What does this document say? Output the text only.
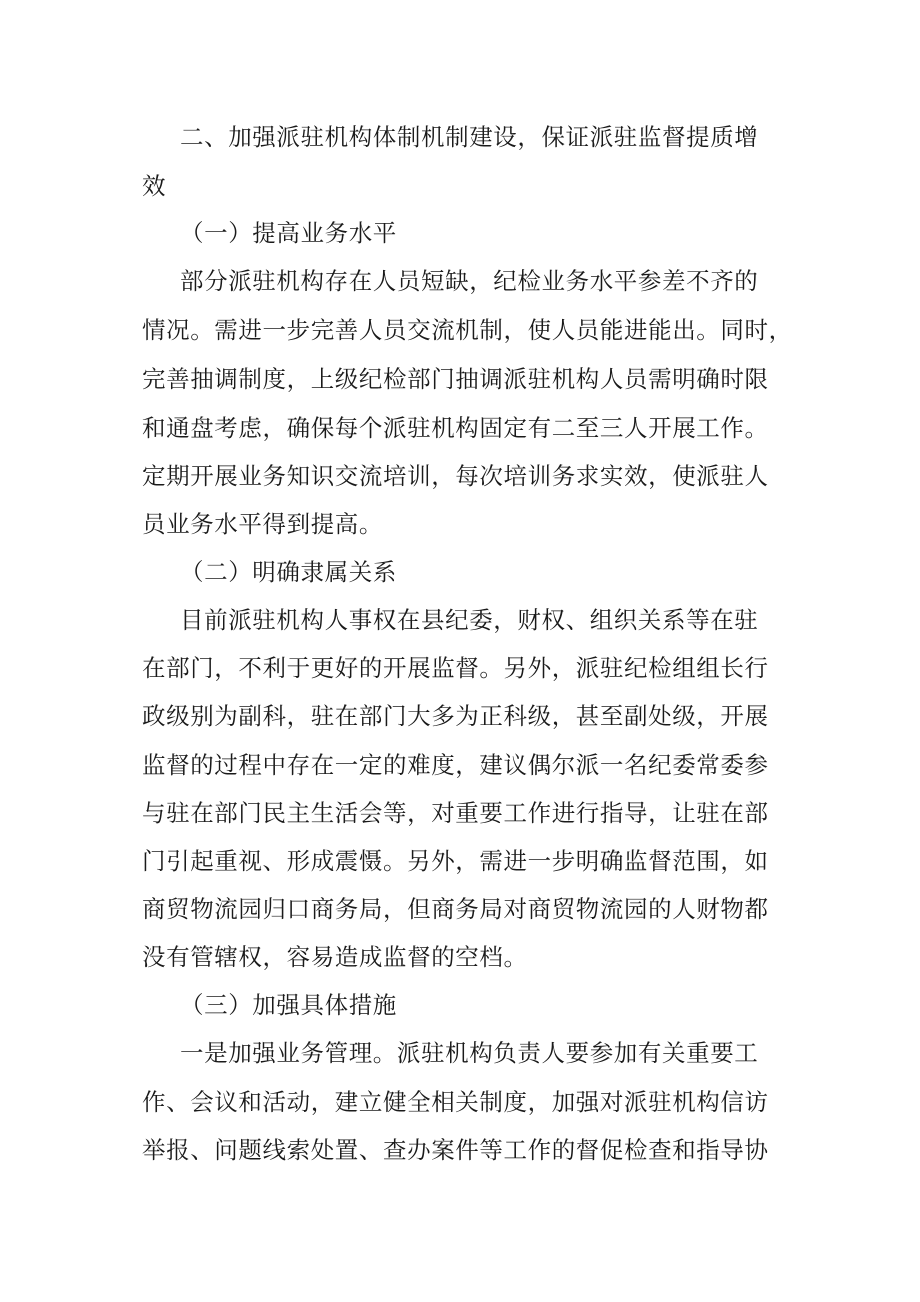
二、加强派驻机构体制机制建设，保证派驻监督提质增
效
（一）提高业务水平
部分派驻机构存在人员短缺，纪检业务水平参差不齐的
情况。需进一步完善人员交流机制，使人员能进能出。同时，
完善抽调制度，上级纪检部门抽调派驻机构人员需明确时限
和通盘考虑，确保每个派驻机构固定有二至三人开展工作。
定期开展业务知识交流培训，每次培训务求实效，使派驻人
员业务水平得到提高。
（二）明确隶属关系
目前派驻机构人事权在县纪委，财权、组织关系等在驻
在部门，不利于更好的开展监督。另外，派驻纪检组组长行
政级别为副科，驻在部门大多为正科级，甚至副处级，开展
监督的过程中存在一定的难度，建议偶尔派一名纪委常委参
与驻在部门民主生活会等，对重要工作进行指导，让驻在部
门引起重视、形成震慑。另外，需进一步明确监督范围，如
商贸物流园归口商务局，但商务局对商贸物流园的人财物都
没有管辖权，容易造成监督的空档。
（三）加强具体措施
一是加强业务管理。派驻机构负责人要参加有关重要工
作、会议和活动，建立健全相关制度，加强对派驻机构信访
举报、问题线索处置、查办案件等工作的督促检查和指导协
